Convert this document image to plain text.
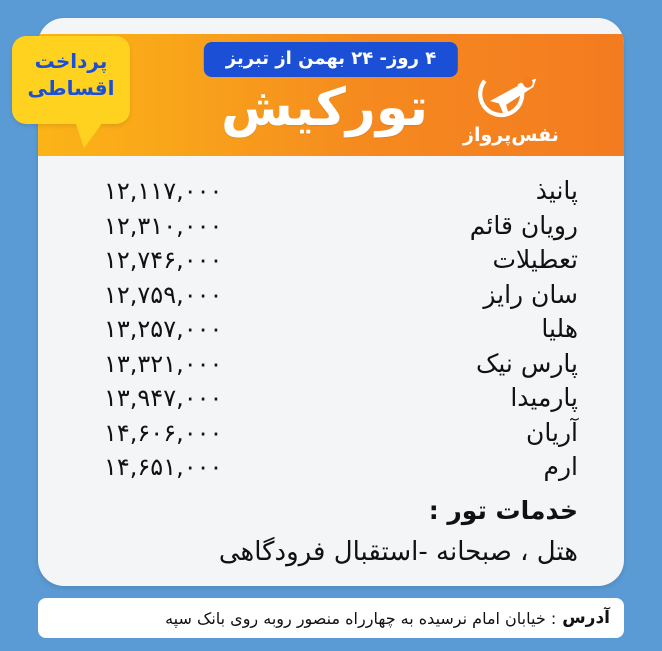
۴ روز- ۲۴ بهمن از تبریز
تورکیش	نفس‌پرواز
پانیذ
۱۲,۱۱۷,۰۰۰
رویان قائم
۱۲,۳۱۰,۰۰۰
تعطیلات
۱۲,۷۴۶,۰۰۰
سان رایز
۱۲,۷۵۹,۰۰۰
هلیا
۱۳,۲۵۷,۰۰۰
پارس نیک
۱۳,۳۲۱,۰۰۰
پارمیدا
۱۳,۹۴۷,۰۰۰
آریان
۱۴,۶۰۶,۰۰۰
ارم
۱۴,۶۵۱,۰۰۰
خدمات تور :
هتل ، صبحانه -استقبال فرودگاهی
پرداخت
اقساطی
آدرس
: خیابان امام نرسیده به چهارراه منصور روبه روی بانک سپه
